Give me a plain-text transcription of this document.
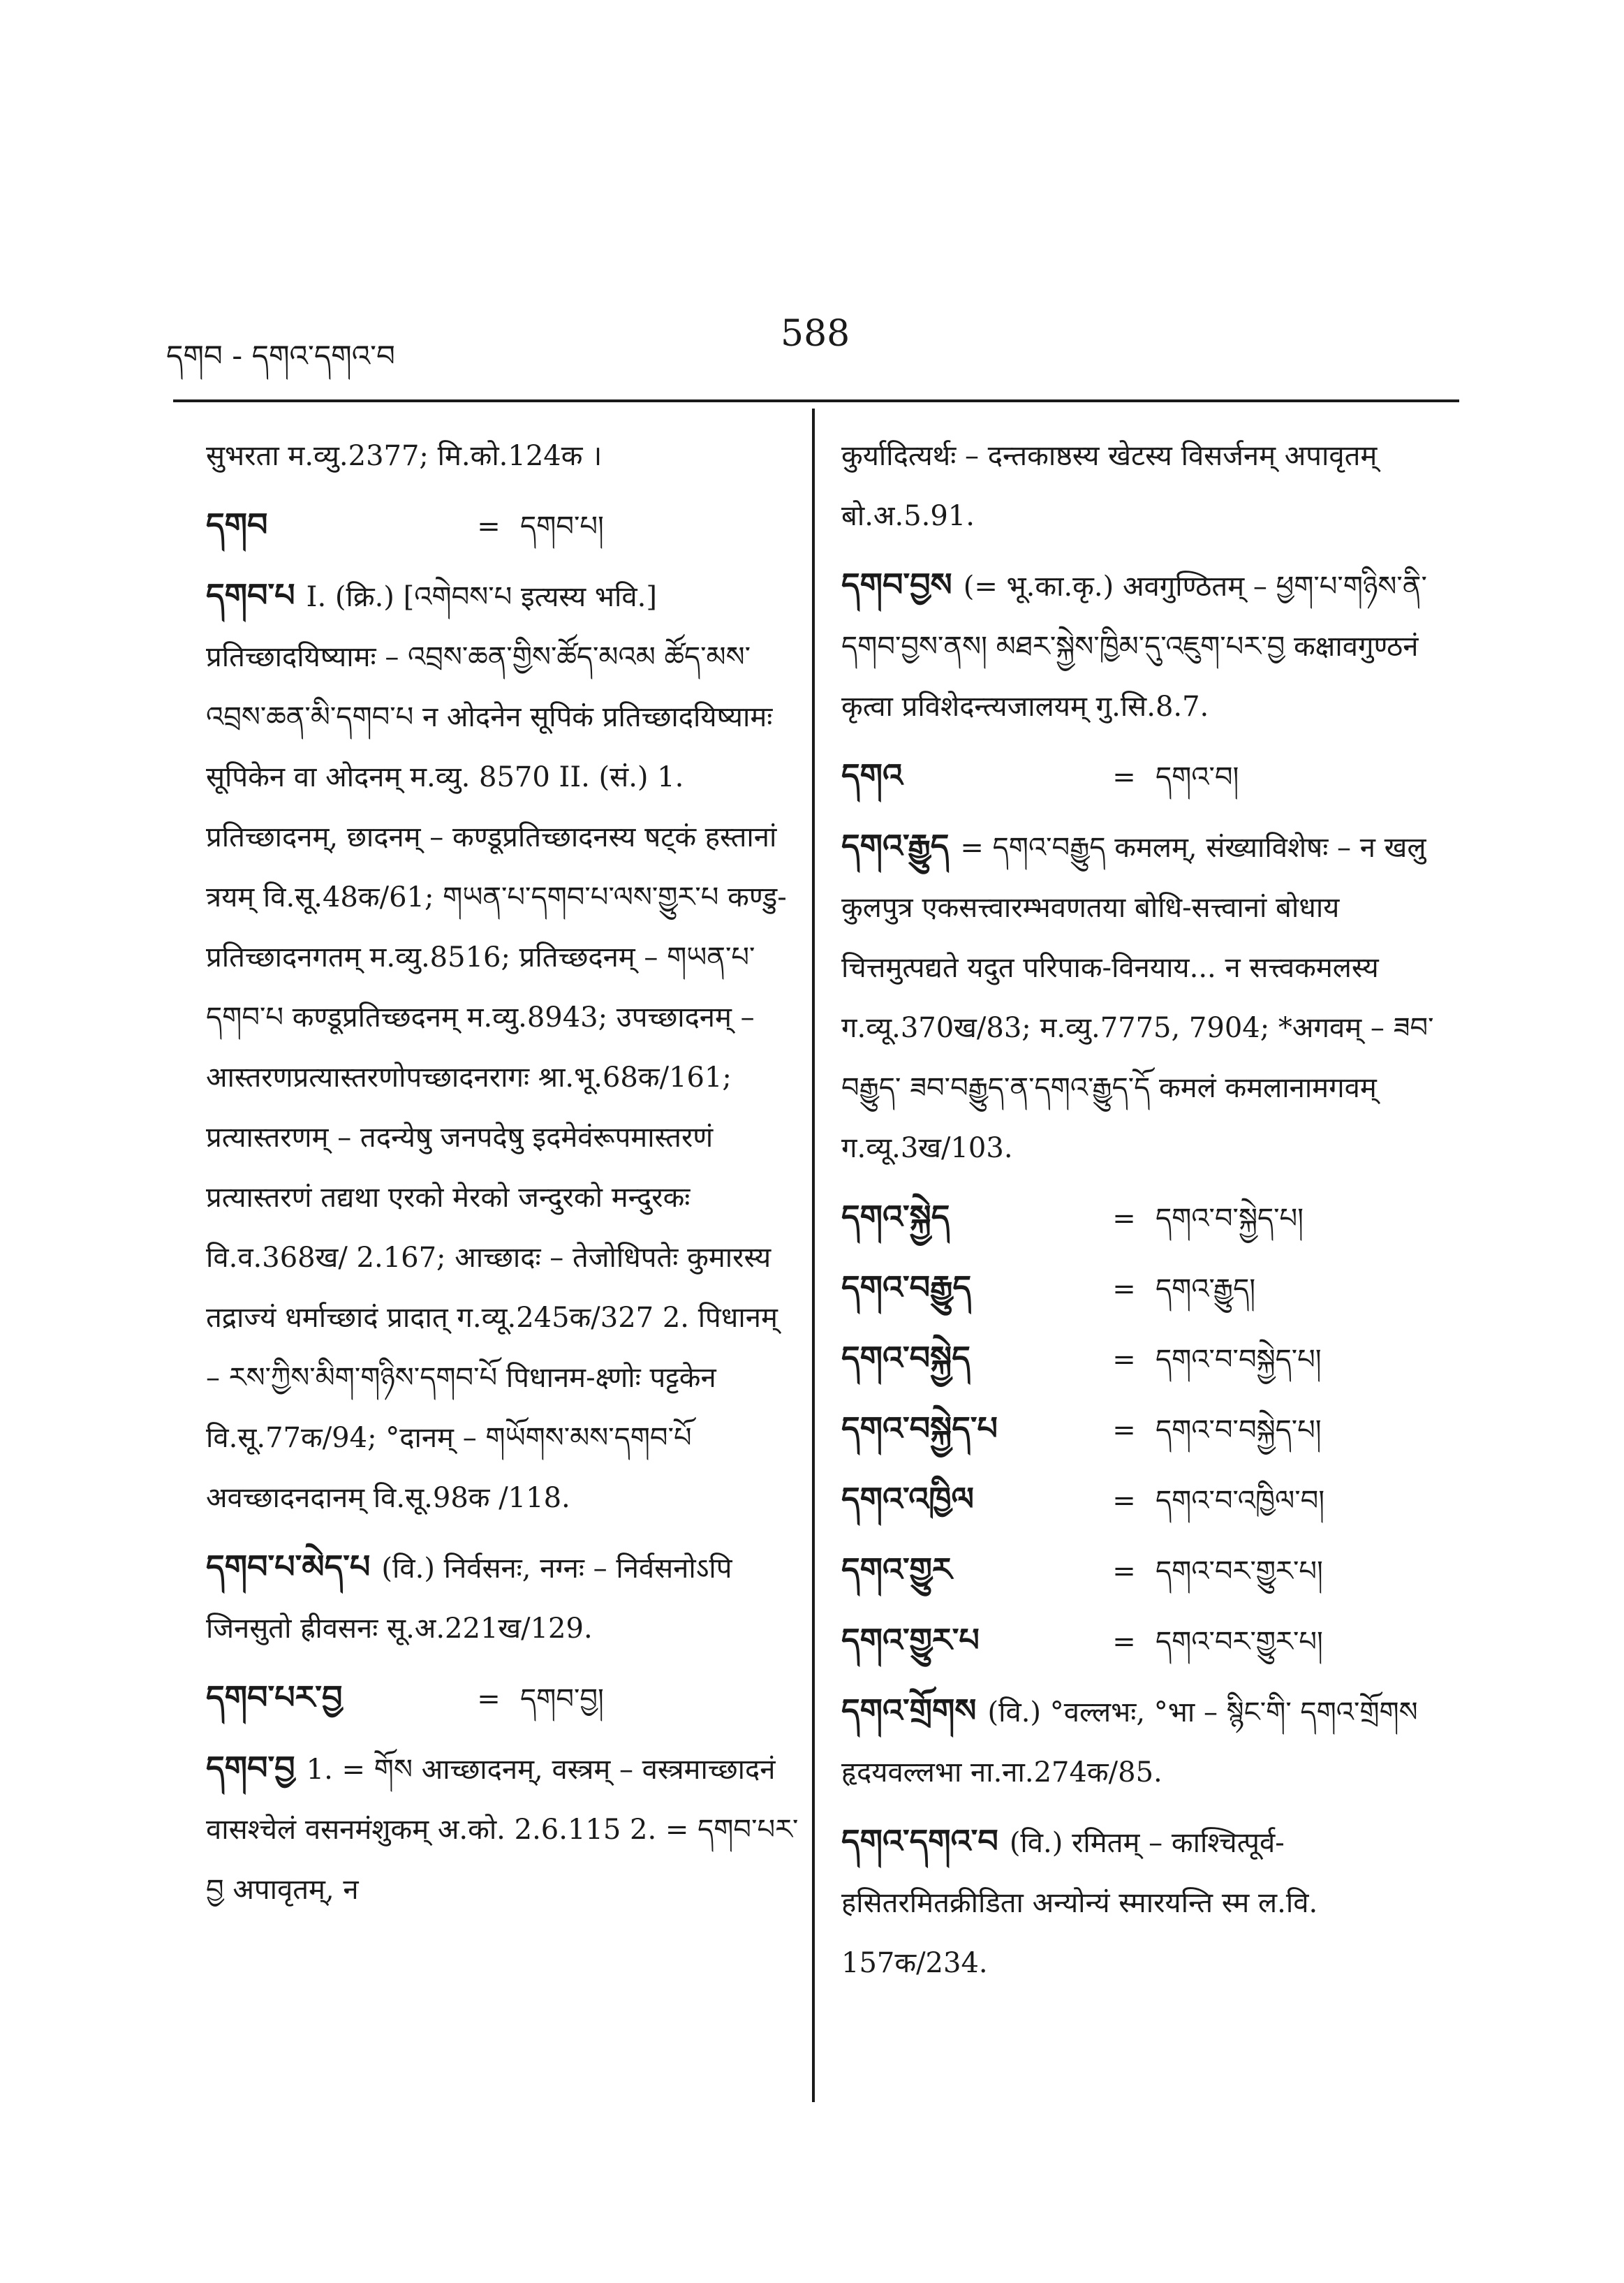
དགབ - དགའ་དགའ་བ
588
सुभरता म.व्यु.2377; मि.को.124क ।
དགབ	= དགབ་པ།
དགབ་པ I. (क्रि.) [འགེབས་པ इत्यस्य भवि.] प्रतिच्छादयिष्यामः – འབྲས་ཆན་གྱིས་ཚོད་མའམ ཚོད་མས་འབྲས་ཆན་མི་དགབ་པ न ओदनेन सूपिकं प्रतिच्छादयिष्यामः सूपिकेन वा ओदनम् म.व्यु. 8570 II. (सं.) 1. प्रतिच्छादनम्, छादनम् – कण्डूप्रतिच्छादनस्य षट्कं हस्तानां त्रयम् वि.सू.48क/61; གཡན་པ་དགབ་པ་ལས་གྱུར་པ कण्डु-प्रतिच्छादनगतम् म.व्यु.8516; प्रतिच्छदनम् – གཡན་པ་དགབ་པ कण्डूप्रतिच्छदनम् म.व्यु.8943; उपच्छादनम् – आस्तरणप्रत्यास्तरणोपच्छादनरागः श्रा.भू.68क/161; प्रत्यास्तरणम् – तदन्येषु जनपदेषु इदमेवंरूपमास्तरणं प्रत्यास्तरणं तद्यथा एरको मेरको जन्दुरको मन्दुरकः वि.व.368ख/ 2.167; आच्छादः – तेजोधिपतेः कुमारस्य तद्राज्यं धर्माच्छादं प्रादात् ग.व्यू.245क/327 2. पिधानम् – རས་ཀྱིས་མིག་གཉིས་དགབ་པོ पिधानम-क्ष्णोः पट्टकेन वि.सू.77क/94; °दानम् – གཡོགས་མས་དགབ་པོ अवच्छादनदानम् वि.सू.98क /118.
དགབ་པ་མེད་པ (वि.) निर्वसनः, नग्नः – निर्वसनोऽपि जिनसुतो ह्रीवसनः सू.अ.221ख/129.
དགབ་པར་བྱ	= དགབ་བྱ།
དགབ་བྱ 1. = གོས आच्छादनम्, वस्त्रम् – वस्त्रमाच्छादनं वासश्चेलं वसनमंशुकम् अ.को. 2.6.115 2. = དགབ་པར་བྱ अपावृतम्, न
कुर्यादित्यर्थः – दन्तकाष्ठस्य खेटस्य विसर्जनम् अपावृतम् बो.अ.5.91.
དགབ་བྱས (= भू.का.कृ.) अवगुण्ठितम् – ཕྱག་པ་གཉིས་ནི་དགབ་བྱས་ནས། མཐར་སྐྱེས་ཁྱིམ་དུ་འཇུག་པར་བྱ कक्षावगुण्ठनं कृत्वा प्रविशेदन्त्यजालयम् गु.सि.8.7.
དགའ	= དགའ་བ།
དགའ་རྒྱུད = དགའ་བརྒྱུད कमलम्, संख्याविशेषः – न खलु कुलपुत्र एकसत्त्वारम्भवणतया बोधि-सत्त्वानां बोधाय चित्तमुत्पद्यते यदुत परिपाक-विनयाय... न सत्त्वकमलस्य ग.व्यू.370ख/83; म.व्यु.7775, 7904; *अगवम् – ཟབ་བརྒྱུད་ ཟབ་བརྒྱུད་ན་དགའ་རྒྱུད་དོ कमलं कमलानामगवम् ग.व्यू.3ख/103.
དགའ་སྐྱེད	= དགའ་བ་སྐྱེད་པ།
དགའ་བརྒྱུད	= དགའ་རྒྱུད།
དགའ་བསྐྱེད	= དགའ་བ་བསྐྱེད་པ།
དགའ་བསྐྱེད་པ	= དགའ་བ་བསྐྱེད་པ།
དགའ་འཁྱིལ	= དགའ་བ་འཁྱིལ་བ།
དགའ་གྱུར	= དགའ་བར་གྱུར་པ།
དགའ་གྱུར་པ	= དགའ་བར་གྱུར་པ།
དགའ་གྲོགས (वि.) °वल्लभः, °भा – སྙིང་གི་ དགའ་གྲོགས हृदयवल्लभा ना.ना.274क/85.
དགའ་དགའ་བ (वि.) रमितम् – काश्चित्पूर्व-हसितरमितक्रीडिता अन्योन्यं स्मारयन्ति स्म ल.वि. 157क/234.
